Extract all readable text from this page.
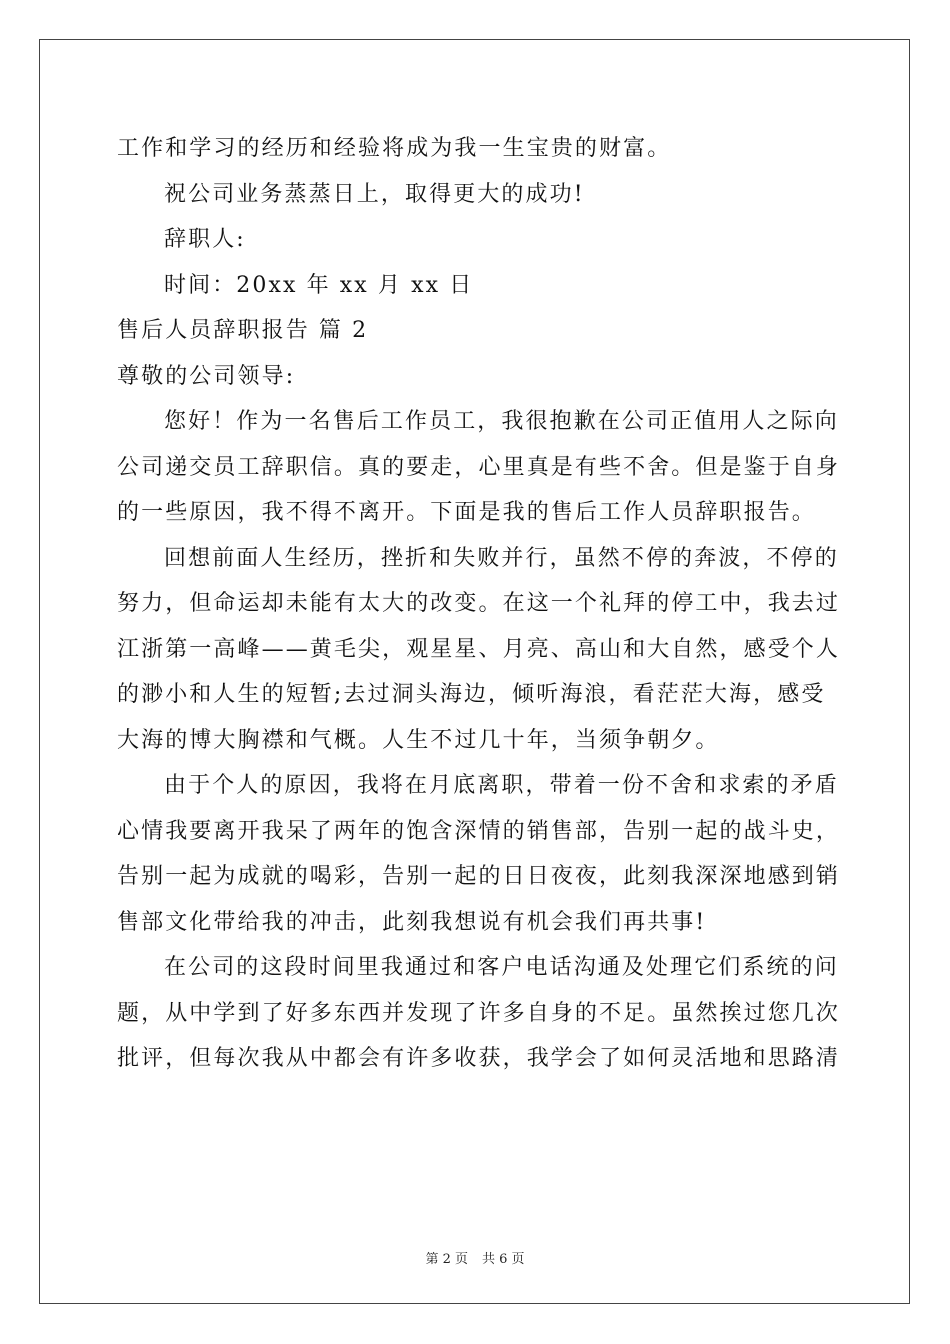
工作和学习的经历和经验将成为我一生宝贵的财富。
祝公司业务蒸蒸日上，取得更大的成功!
辞职人:
时间：20xx 年 xx 月 xx 日
售后人员辞职报告 篇 2
尊敬的公司领导:
您好！作为一名售后工作员工，我很抱歉在公司正值用人之际向
公司递交员工辞职信。真的要走，心里真是有些不舍。但是鉴于自身
的一些原因，我不得不离开。下面是我的售后工作人员辞职报告。
回想前面人生经历，挫折和失败并行，虽然不停的奔波，不停的
努力，但命运却未能有太大的改变。在这一个礼拜的停工中，我去过
江浙第一高峰——黄毛尖，观星星、月亮、高山和大自然，感受个人
的渺小和人生的短暂;去过洞头海边，倾听海浪，看茫茫大海，感受
大海的博大胸襟和气概。人生不过几十年，当须争朝夕。
由于个人的原因，我将在月底离职，带着一份不舍和求索的矛盾
心情我要离开我呆了两年的饱含深情的销售部，告别一起的战斗史，
告别一起为成就的喝彩，告别一起的日日夜夜，此刻我深深地感到销
售部文化带给我的冲击，此刻我想说有机会我们再共事!
在公司的这段时间里我通过和客户电话沟通及处理它们系统的问
题，从中学到了好多东西并发现了许多自身的不足。虽然挨过您几次
批评，但每次我从中都会有许多收获，我学会了如何灵活地和思路清
第 2 页 共 6 页
